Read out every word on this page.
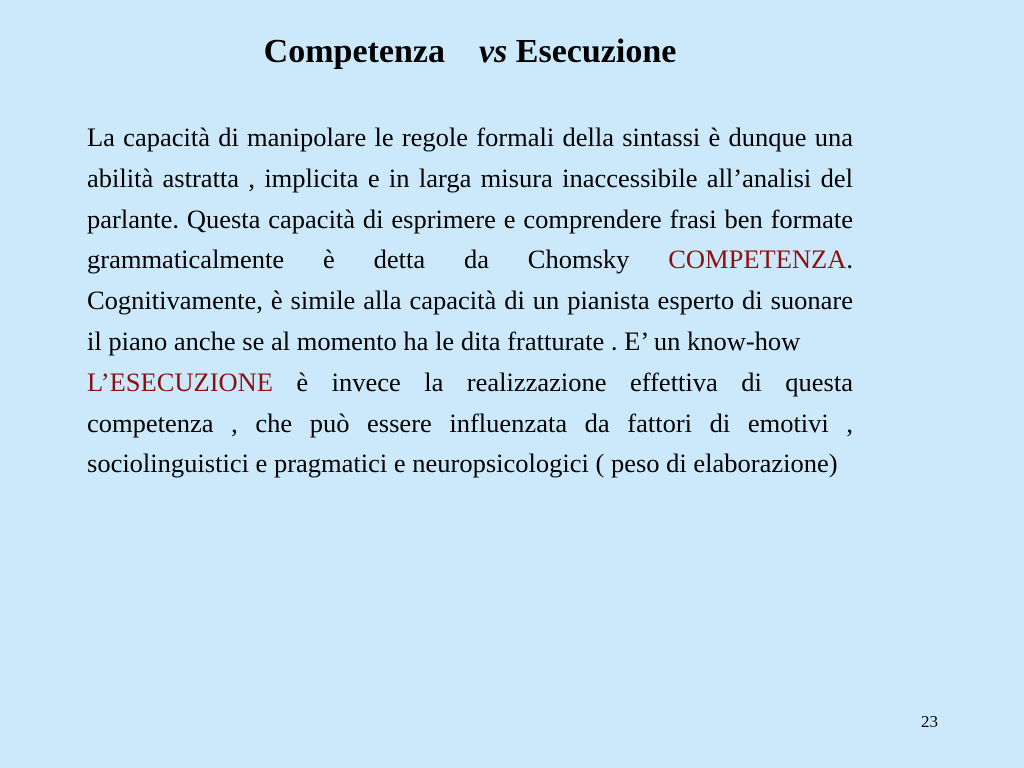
Competenza vs Esecuzione

La capacità di manipolare le regole formali della sintassi è dunque una abilità astratta , implicita e in larga misura inaccessibile all’analisi del parlante. Questa capacità di esprimere e comprendere frasi ben formate grammaticalmente è detta da Chomsky COMPETENZA. Cognitivamente, è simile alla capacità di un pianista esperto di suonare il piano anche se al momento ha le dita fratturate . E’ un know-how

L’ESECUZIONE è invece la realizzazione effettiva di questa competenza , che può essere influenzata da fattori di emotivi , sociolinguistici e pragmatici e neuropsicologici ( peso di elaborazione)

23
